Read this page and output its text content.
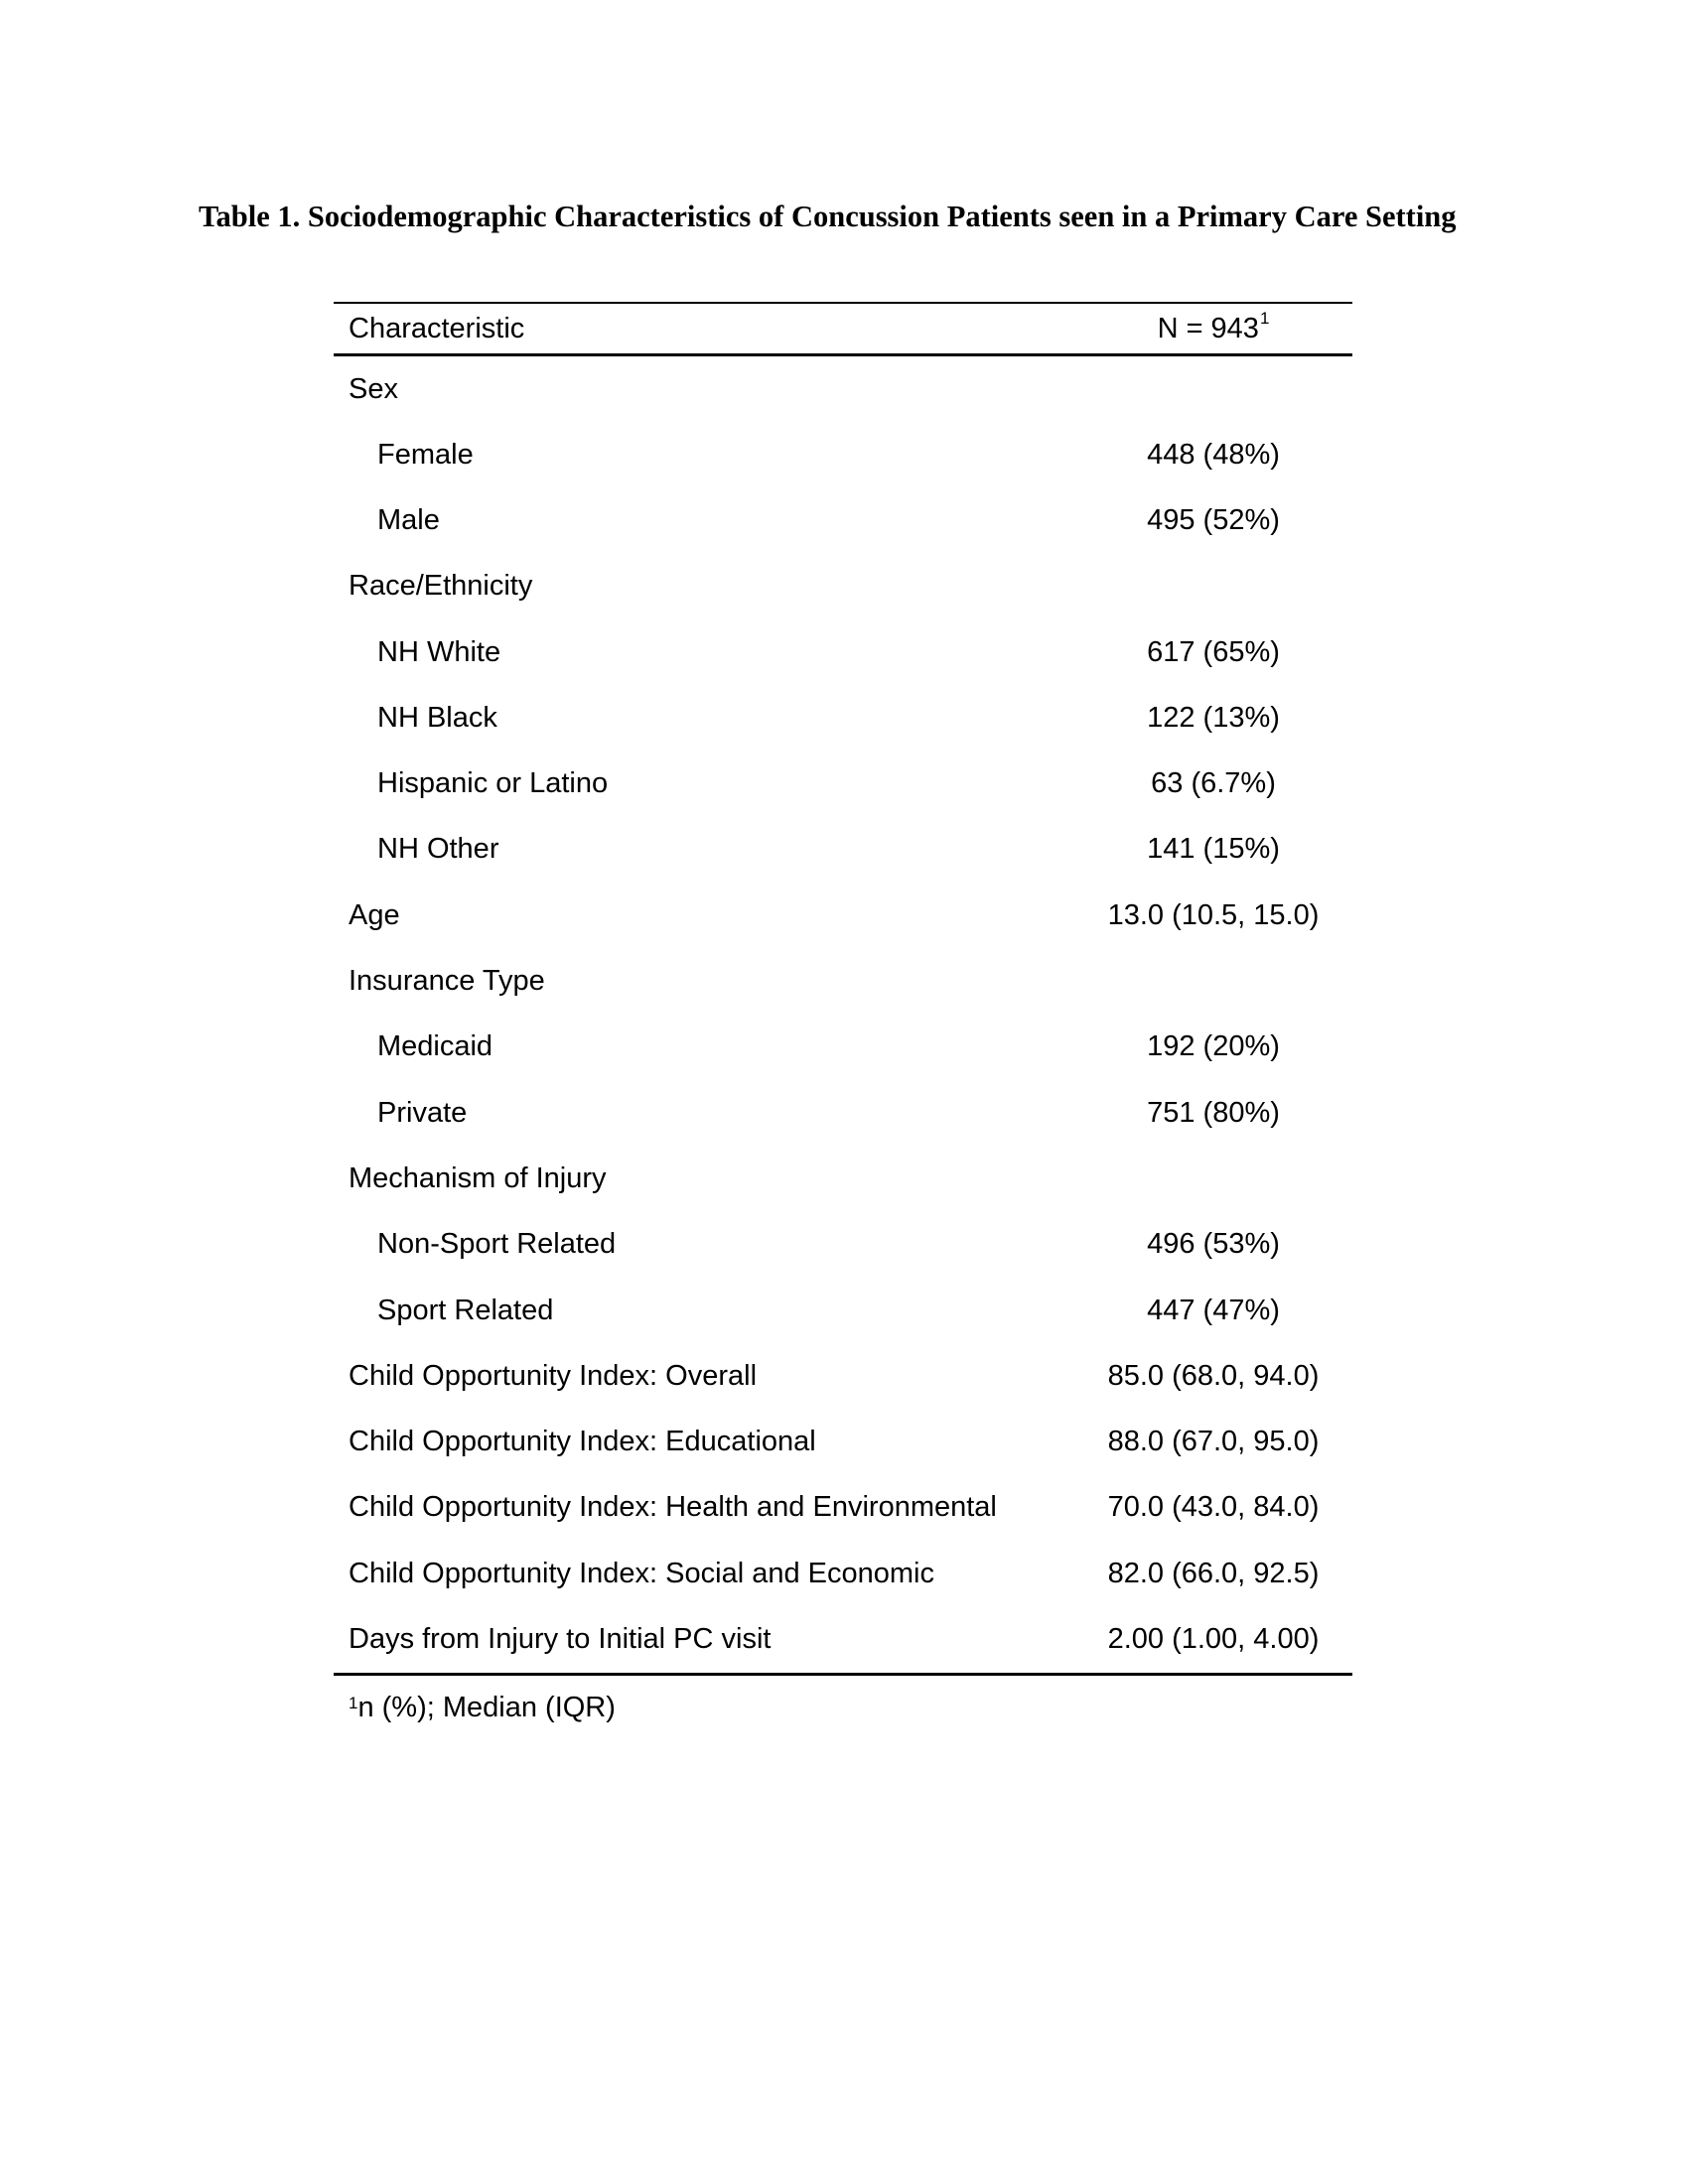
Table 1. Sociodemographic Characteristics of Concussion Patients seen in a Primary Care Setting
Characteristic	$N = 943^1$
Sex	
Female	448 (48%)
Male	495 (52%)
Race/Ethnicity	
NH White	617 (65%)
NH Black	122 (13%)
Hispanic or Latino	63 (6.7%)
NH Other	141 (15%)
Age	13.0 (10.5, 15.0)
Insurance Type	
Medicaid	192 (20%)
Private	751 (80%)
Mechanism of Injury	
Non-Sport Related	496 (53%)
Sport Related	447 (47%)
Child Opportunity Index: Overall	85.0 (68.0, 94.0)
Child Opportunity Index: Educational	88.0 (67.0, 95.0)
Child Opportunity Index: Health and Environmental	70.0 (43.0, 84.0)
Child Opportunity Index: Social and Economic	82.0 (66.0, 92.5)
Days from Injury to Initial PC visit	2.00 (1.00, 4.00)
$^1$n (%); Median (IQR)
